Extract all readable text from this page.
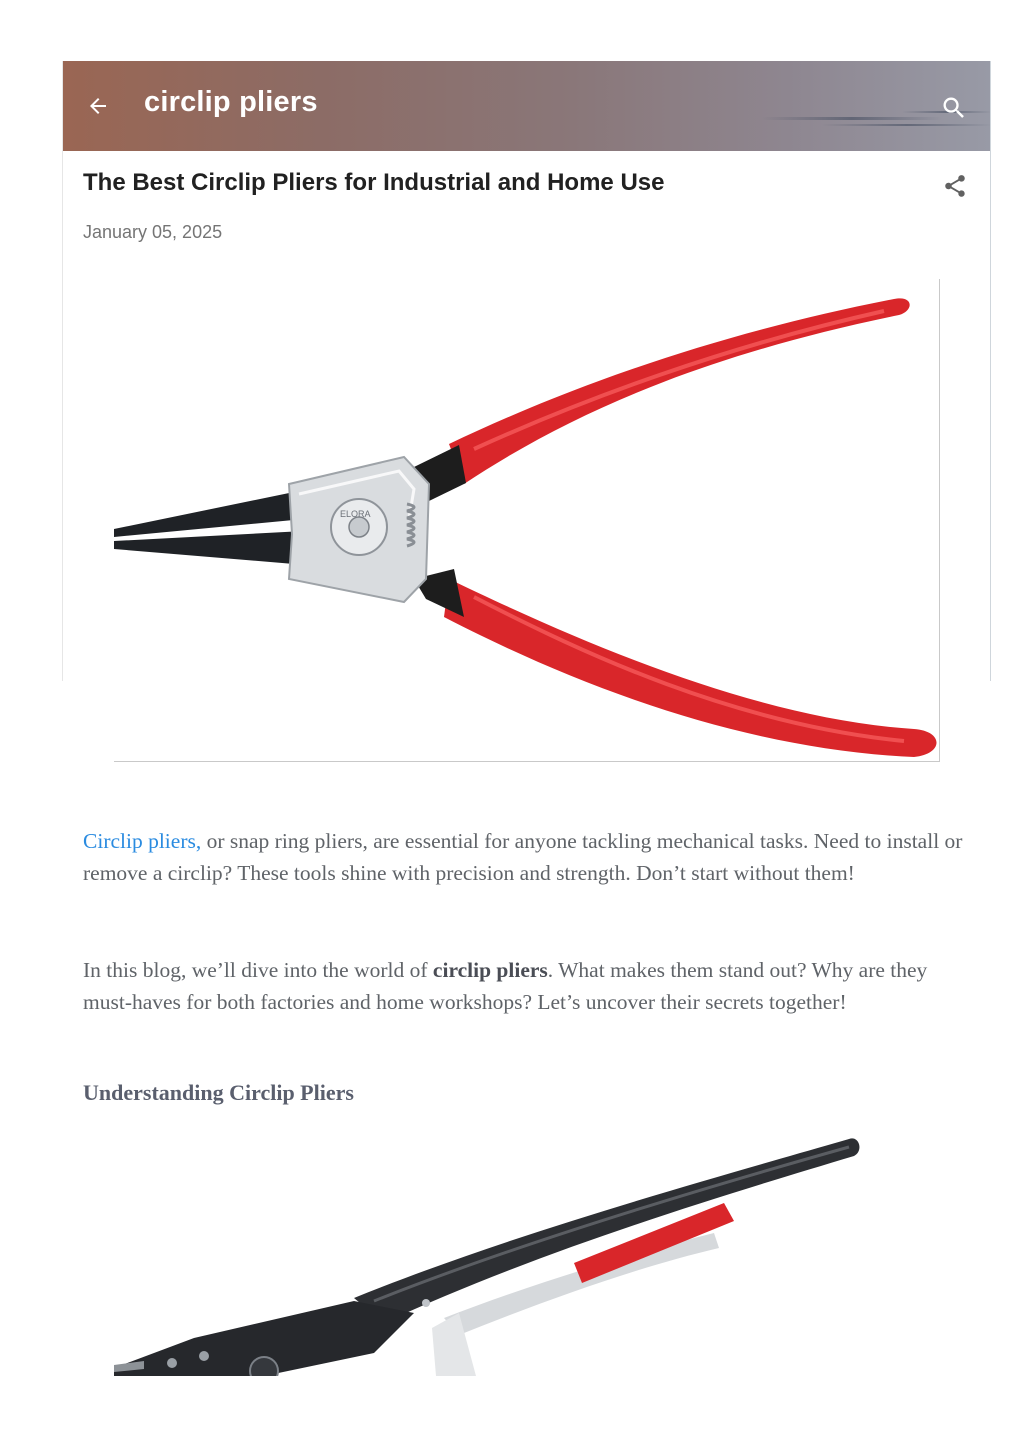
circlip pliers
The Best Circlip Pliers for Industrial and Home Use
January 05, 2025
ELORA

Circlip pliers, or snap ring pliers, are essential for anyone tackling mechanical tasks. Need to install or remove a circlip? These tools shine with precision and strength. Don’t start without them!

In this blog, we’ll dive into the world of circlip pliers. What makes them stand out? Why are they must-haves for both factories and home workshops? Let’s uncover their secrets together!

Understanding Circlip Pliers
